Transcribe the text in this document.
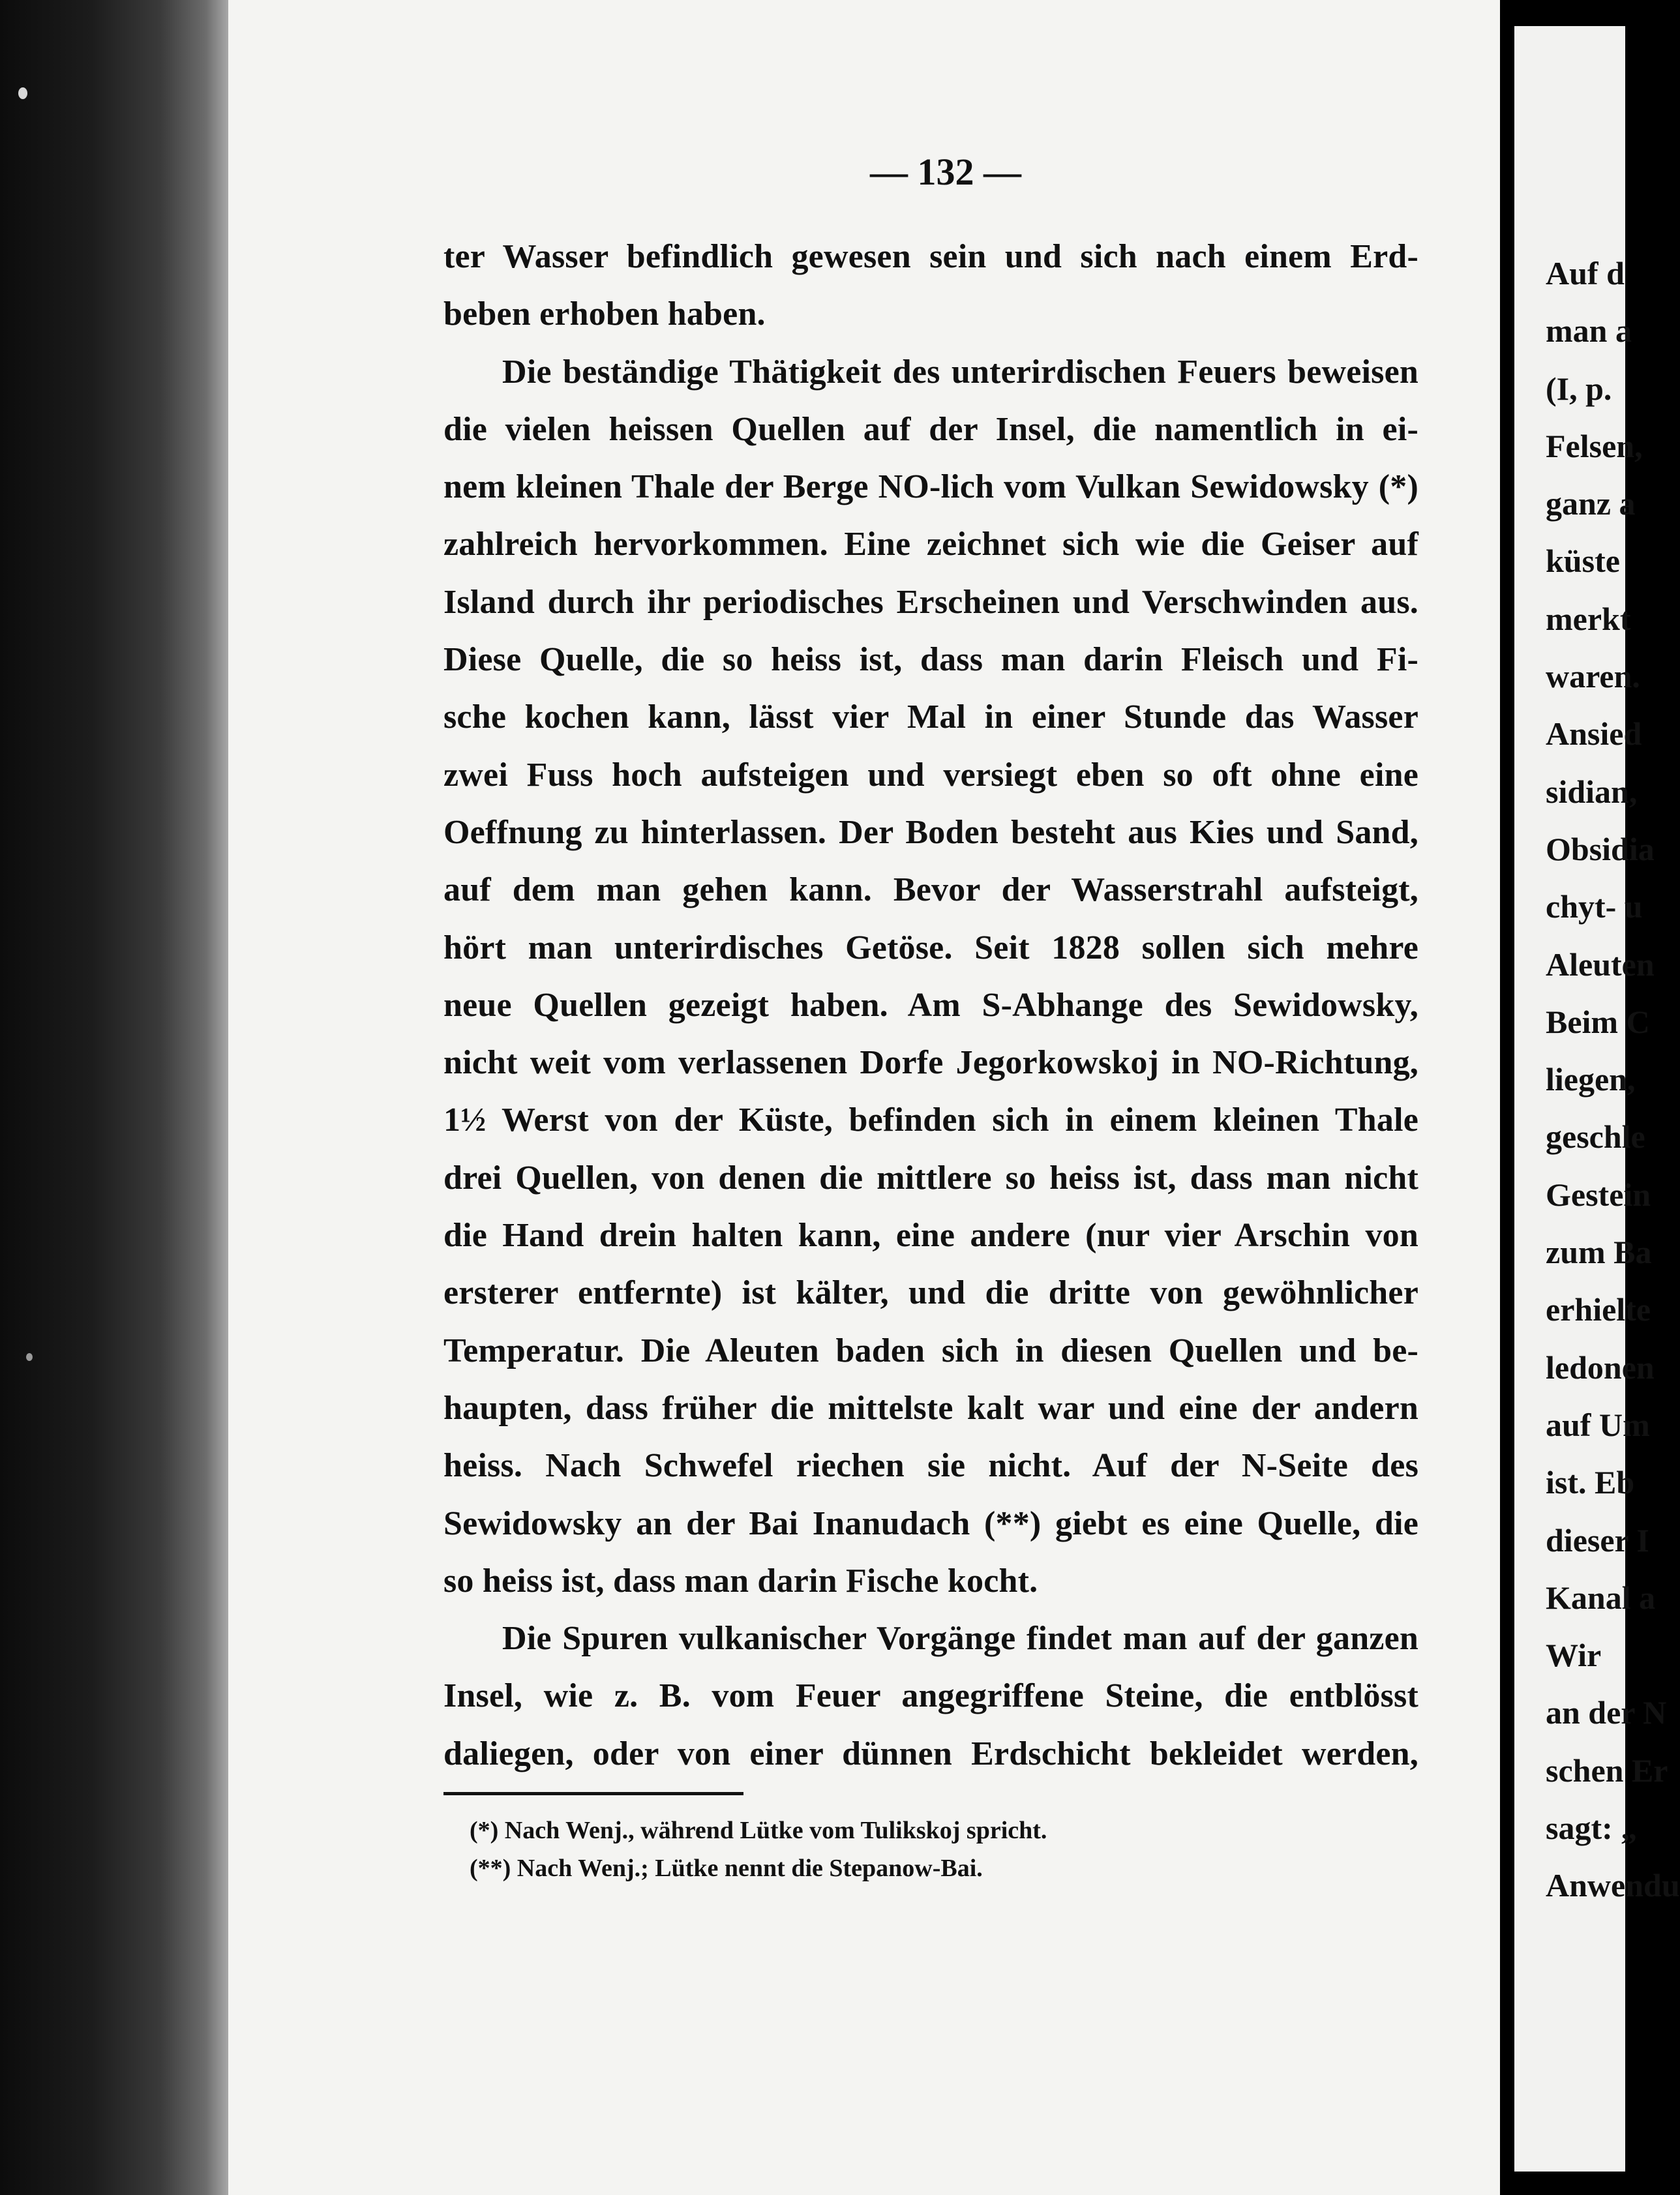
— 132 —
ter Wasser befindlich gewesen sein und sich nach einem Erd-
beben erhoben haben.
Die beständige Thätigkeit des unterirdischen Feuers beweisen
die vielen heissen Quellen auf der Insel, die namentlich in ei-
nem kleinen Thale der Berge NO-lich vom Vulkan Sewidowsky (*)
zahlreich hervorkommen. Eine zeichnet sich wie die Geiser auf
Island durch ihr periodisches Erscheinen und Verschwinden aus.
Diese Quelle, die so heiss ist, dass man darin Fleisch und Fi-
sche kochen kann, lässt vier Mal in einer Stunde das Wasser
zwei Fuss hoch aufsteigen und versiegt eben so oft ohne eine
Oeffnung zu hinterlassen. Der Boden besteht aus Kies und Sand,
auf dem man gehen kann. Bevor der Wasserstrahl aufsteigt,
hört man unterirdisches Getöse. Seit 1828 sollen sich mehre
neue Quellen gezeigt haben. Am S-Abhange des Sewidowsky,
nicht weit vom verlassenen Dorfe Jegorkowskoj in NO-Richtung,
1½ Werst von der Küste, befinden sich in einem kleinen Thale
drei Quellen, von denen die mittlere so heiss ist, dass man nicht
die Hand drein halten kann, eine andere (nur vier Arschin von
ersterer entfernte) ist kälter, und die dritte von gewöhnlicher
Temperatur. Die Aleuten baden sich in diesen Quellen und be-
haupten, dass früher die mittelste kalt war und eine der andern
heiss. Nach Schwefel riechen sie nicht. Auf der N-Seite des
Sewidowsky an der Bai Inanudach (**) giebt es eine Quelle, die
so heiss ist, dass man darin Fische kocht.
Die Spuren vulkanischer Vorgänge findet man auf der ganzen
Insel, wie z. B. vom Feuer angegriffene Steine, die entblösst
daliegen, oder von einer dünnen Erdschicht bekleidet werden,
(*) Nach Wenj., während Lütke vom Tulikskoj spricht.
(**) Nach Wenj.; Lütke nennt die Stepanow-Bai.
Auf d
man a
(I, p.
Felsen,
ganz a
küste
merkt
waren.
Ansied
sidian,
Obsidia
chyt- u
Aleuten
Beim C
liegen,
geschle
Gestein
zum Ba
erhielte
ledonen
auf Um
ist. Eb
dieser I
Kanal a
Wir
an der N
schen Er
sagt: „
Anwendu
